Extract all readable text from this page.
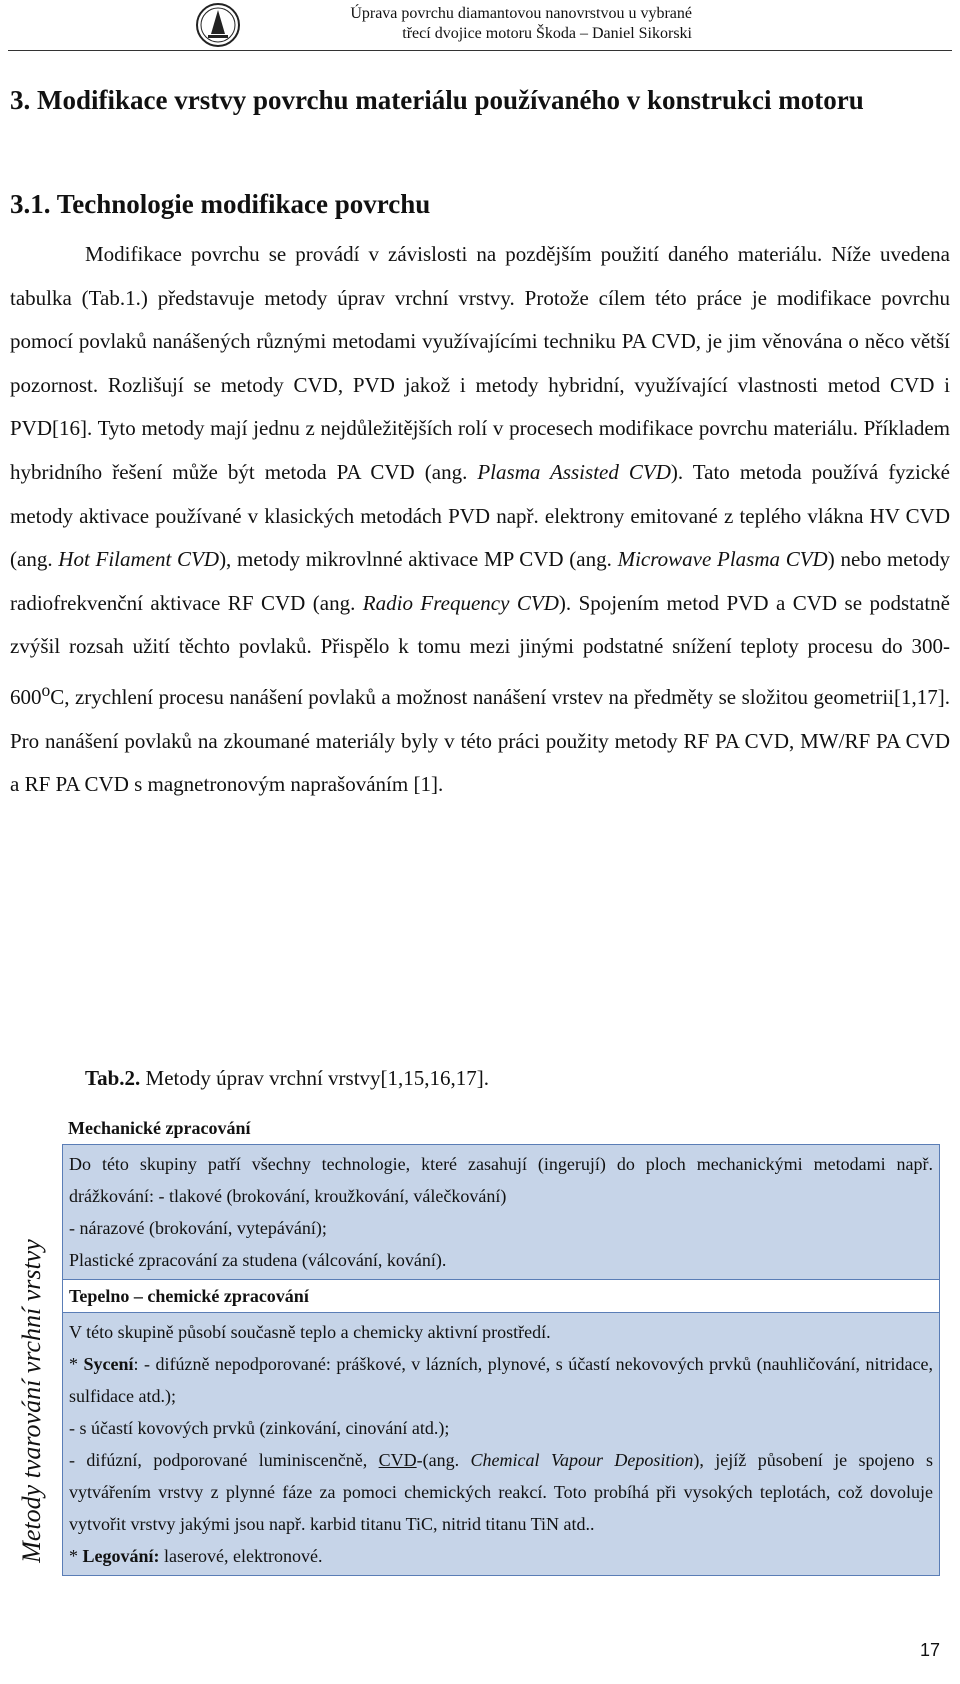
Úprava povrchu diamantovou nanovrstvou u vybrané
třecí dvojice motoru Škoda – Daniel Sikorski
3. Modifikace vrstvy povrchu materiálu používaného v konstrukci motoru
3.1. Technologie modifikace povrchu

Modifikace povrchu se provádí v závislosti na pozdějším použití daného materiálu. Níže uvedena tabulka (Tab.1.) představuje metody úprav vrchní vrstvy. Protože cílem této práce je modifikace povrchu pomocí povlaků nanášených různými metodami využívajícími techniku PA CVD, je jim věnována o něco větší pozornost. Rozlišují se metody CVD, PVD jakož i metody hybridní, využívající vlastnosti metod CVD i PVD[16]. Tyto metody mají jednu z nejdůležitějších rolí v procesech modifikace povrchu materiálu. Příkladem hybridního řešení může být metoda PA CVD (ang. Plasma Assisted CVD). Tato metoda používá fyzické metody aktivace používané v klasických metodách PVD např. elektrony emitované z teplého vlákna HV CVD (ang. Hot Filament CVD), metody mikrovlnné aktivace MP CVD (ang. Microwave Plasma CVD) nebo metody radiofrekvenční aktivace RF CVD (ang. Radio Frequency CVD). Spojením metod PVD a CVD se podstatně zvýšil rozsah užití těchto povlaků. Přispělo k tomu mezi jinými podstatné snížení teploty procesu do 300-600$^o$C, zrychlení procesu nanášení povlaků a možnost nanášení vrstev na předměty se složitou geometrii[1,17]. Pro nanášení povlaků na zkoumané materiály byly v této práci použity metody RF PA CVD, MW/RF PA CVD a RF PA CVD s magnetronovým naprašováním [1].

Tab.2. Metody úprav vrchní vrstvy[1,15,16,17].
Metody tvarování vrchní vrstvy
Mechanické zpracování
Do této skupiny patří všechny technologie, které zasahují (ingerují) do ploch mechanickými metodami např. drážkování: - tlakové (brokování, kroužkování, válečkování)
- nárazové (brokování, vytepávání);
Plastické zpracování za studena (válcování, kování).
Tepelno – chemické zpracování
V této skupině působí současně teplo a chemicky aktivní prostředí.
* Sycení: - difúzně nepodporované: práškové, v lázních, plynové, s účastí nekovových prvků (nauhličování, nitridace, sulfidace atd.);
- s účastí kovových prvků (zinkování, cinování atd.);
- difúzní, podporované luminiscenčně, CVD-(ang. Chemical Vapour Deposition), jejíž působení je spojeno s vytvářením vrstvy z plynné fáze za pomoci chemických reakcí. Toto probíhá při vysokých teplotách, což dovoluje vytvořit vrstvy jakými jsou např. karbid titanu TiC, nitrid titanu TiN atd..
* Legování: laserové, elektronové.
17
